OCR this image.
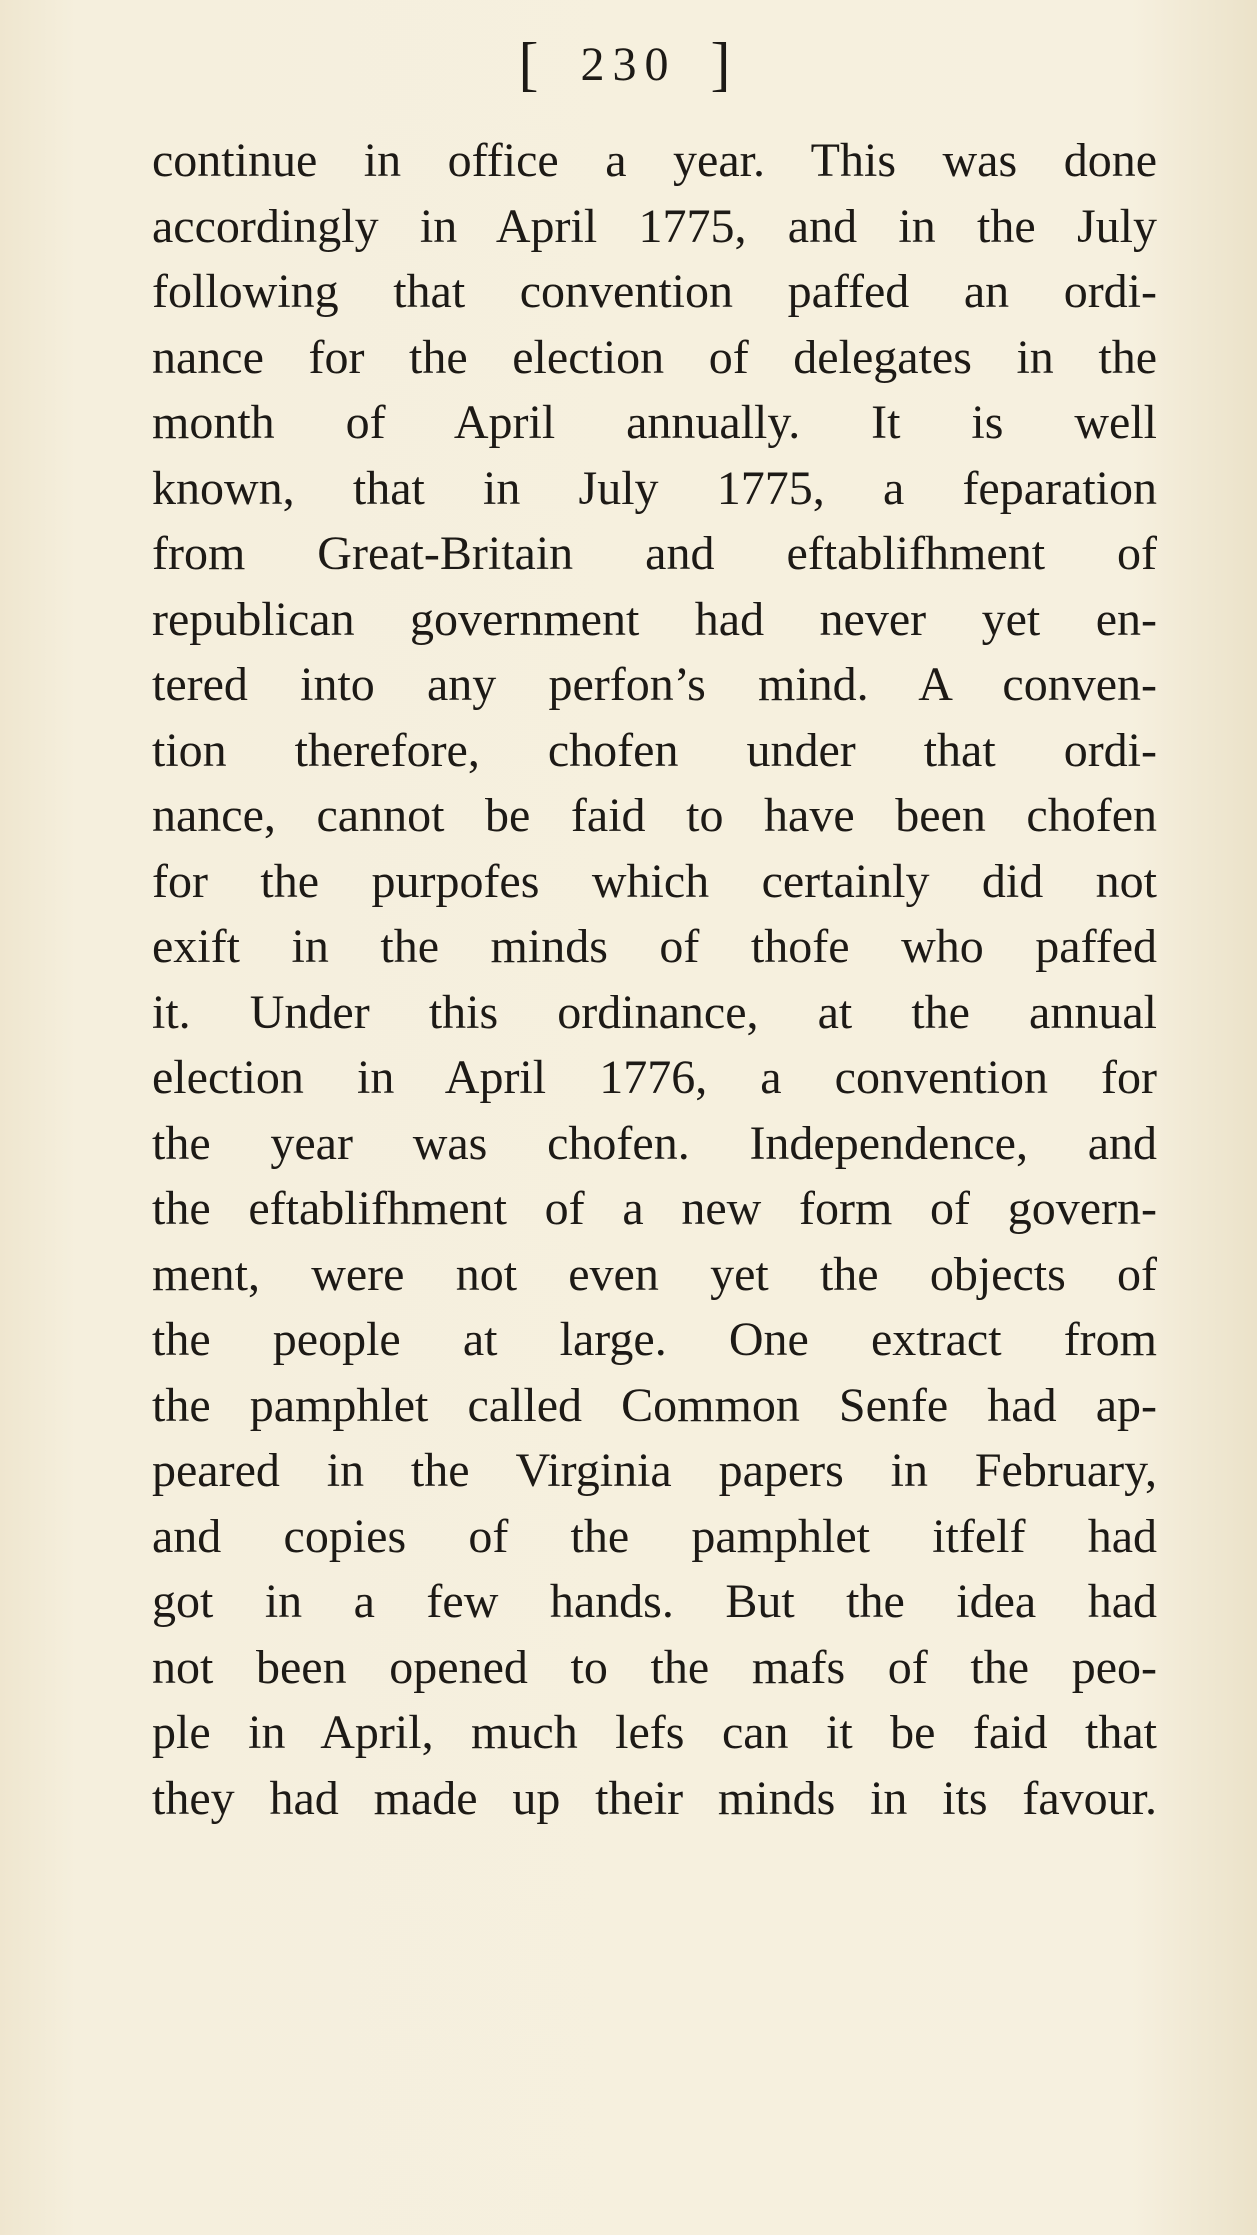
[ 230 ]
continue in office a year. This was done
accordingly in April 1775, and in the July
following that convention paffed an ordi-
nance for the election of delegates in the
month of April annually. It is well
known, that in July 1775, a feparation
from Great-Britain and eftablifhment of
republican government had never yet en-
tered into any perfon’s mind. A conven-
tion therefore, chofen under that ordi-
nance, cannot be faid to have been chofen
for the purpofes which certainly did not
exift in the minds of thofe who paffed
it. Under this ordinance, at the annual
election in April 1776, a convention for
the year was chofen. Independence, and
the eftablifhment of a new form of govern-
ment, were not even yet the objects of
the people at large. One extract from
the pamphlet called Common Senfe had ap-
peared in the Virginia papers in February,
and copies of the pamphlet itfelf had
got in a few hands. But the idea had
not been opened to the mafs of the peo-
ple in April, much lefs can it be faid that
they had made up their minds in its favour.
